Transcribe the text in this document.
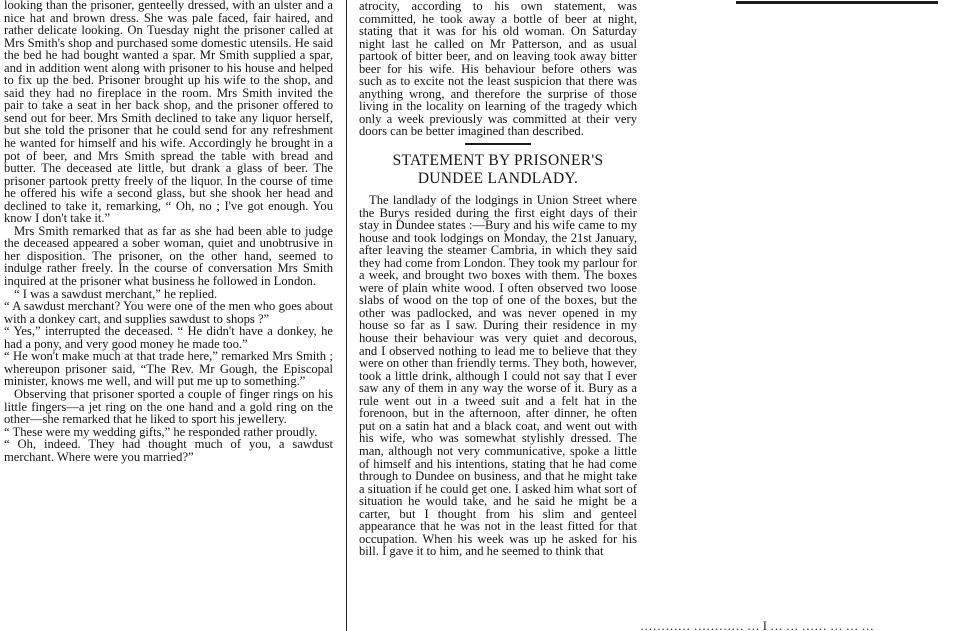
looking than the prisoner, genteelly dressed, with an ulster and a nice hat and brown dress. She was pale faced, fair haired, and rather delicate looking. On Tuesday night the prisoner called at Mrs Smith's shop and purchased some domestic utensils. He said the bed he had bought wanted a spar. Mr Smith supplied a spar, and in addition went along with prisoner to his house and helped to fix up the bed. Prisoner brought up his wife to the shop, and said they had no fireplace in the room. Mrs Smith invited the pair to take a seat in her back shop, and the prisoner offered to send out for beer. Mrs Smith declined to take any liquor herself, but she told the prisoner that he could send for any refreshment he wanted for himself and his wife. Accordingly he brought in a pot of beer, and Mrs Smith spread the table with bread and butter. The deceased ate little, but drank a glass of beer. The prisoner partook pretty freely of the liquor. In the course of time he offered his wife a second glass, but she shook her head and declined to take it, remarking, “ Oh, no ; I've got enough. You know I don't take it.”

Mrs Smith remarked that as far as she had been able to judge the deceased appeared a sober woman, quiet and unobtrusive in her disposition. The prisoner, on the other hand, seemed to indulge rather freely. In the course of conversation Mrs Smith inquired at the prisoner what business he followed in London.

“ I was a sawdust merchant,” he replied.

“ A sawdust merchant? You were one of the men who goes about with a donkey cart, and supplies sawdust to shops ?”

“ Yes,” interrupted the deceased. “ He didn't have a donkey, he had a pony, and very good money he made too.”

“ He won't make much at that trade here,” remarked Mrs Smith ; whereupon prisoner said, “The Rev. Mr Gough, the Episcopal minister, knows me well, and will put me up to something.”

Observing that prisoner sported a couple of finger rings on his little fingers—a jet ring on the one hand and a gold ring on the other—she remarked that he liked to sport his jewellery.

“ These were my wedding gifts,” he responded rather proudly.

“ Oh, indeed. They had thought much of you, a sawdust merchant. Where were you married?”

atrocity, according to his own statement, was committed, he took away a bottle of beer at night, stating that it was for his old woman. On Saturday night last he called on Mr Patterson, and as usual partook of bitter beer, and on leaving took away bitter beer for his wife. His behaviour before others was such as to excite not the least suspicion that there was anything wrong, and therefore the surprise of those living in the locality on learning of the tragedy which only a week previously was committed at their very doors can be better imagined than described.

STATEMENT BY PRISONER'S
DUNDEE LANDLADY.

The landlady of the lodgings in Union Street where the Burys resided during the first eight days of their stay in Dundee states :—Bury and his wife came to my house and took lodgings on Monday, the 21st January, after leaving the steamer Cambria, in which they said they had come from London. They took my parlour for a week, and brought two boxes with them. The boxes were of plain white wood. I often observed two loose slabs of wood on the top of one of the boxes, but the other was padlocked, and was never opened in my house so far as I saw. During their residence in my house their behaviour was very quiet and decorous, and I observed nothing to lead me to believe that they were on other than friendly terms. They both, however, took a little drink, although I could not say that I ever saw any of them in any way the worse of it. Bury as a rule went out in a tweed suit and a felt hat in the forenoon, but in the afternoon, after dinner, he often put on a satin hat and a black coat, and went out with his wife, who was somewhat stylishly dressed. The man, although not very communicative, spoke a little of himself and his intentions, stating that he had come through to Dundee on business, and that he might take a situation if he could get one. I asked him what sort of situation he would take, and he said he might be a carter, but I thought from his slim and genteel appearance that he was not in the least fitted for that occupation. When his week was up he asked for his bill. I gave it to him, and he seemed to think that

………… ………… … I … … …… … … …
